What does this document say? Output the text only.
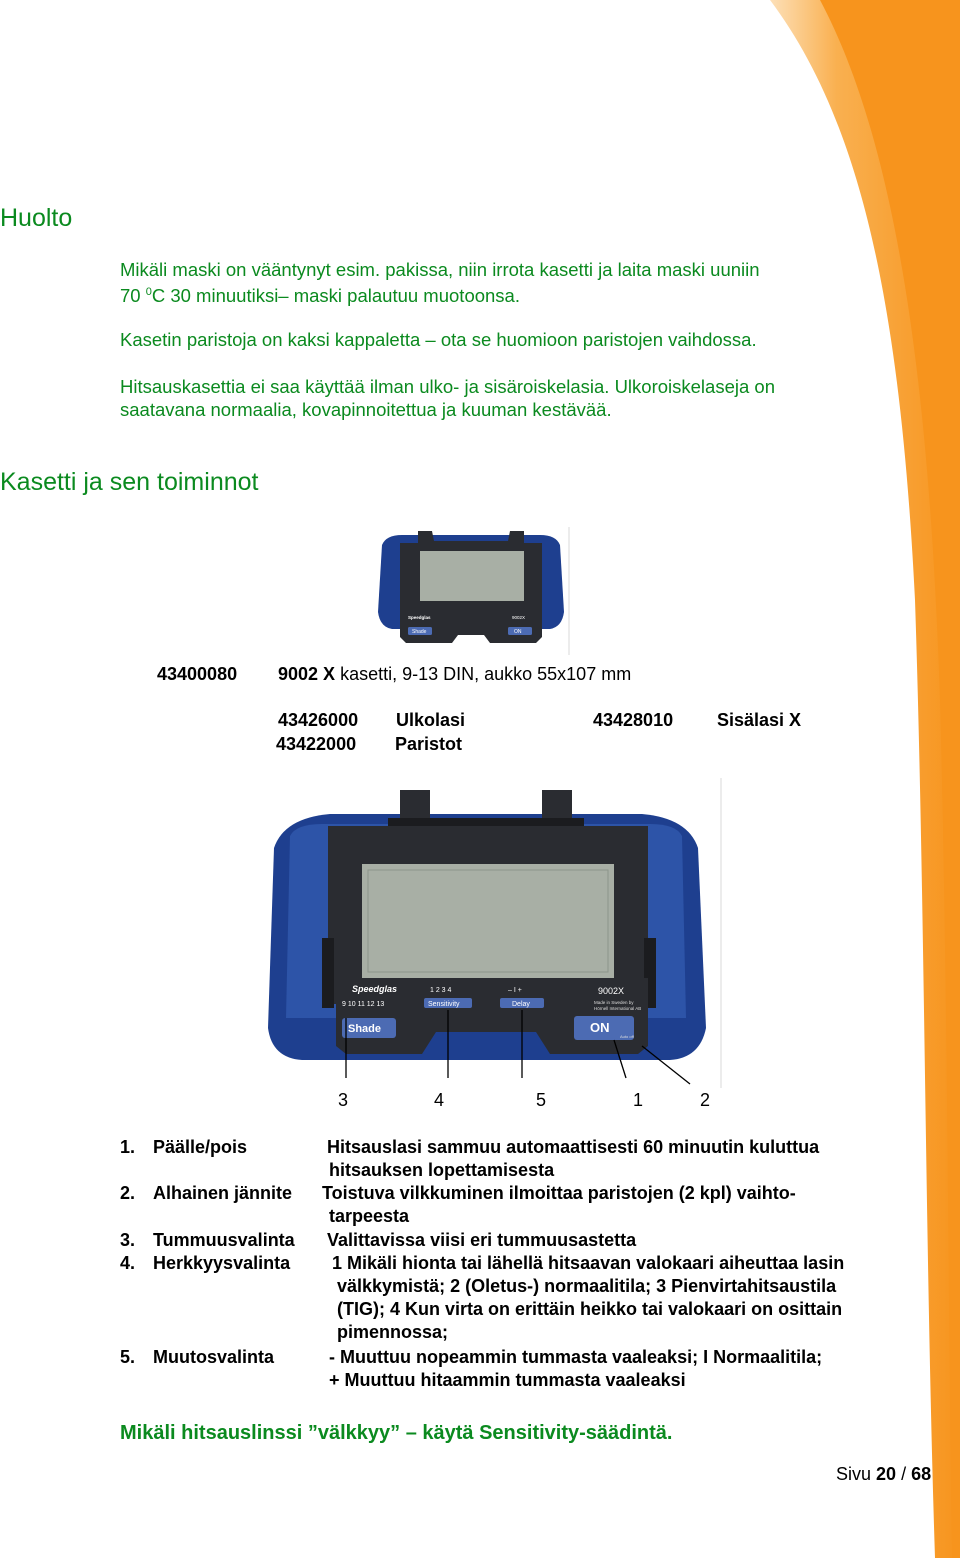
Huolto
Mikäli maski on vääntynyt esim. pakissa, niin irrota kasetti ja laita maski uuniin
70 $^0$C 30 minuutiksi– maski palautuu muotoonsa.
Kasetin paristoja on kaksi kappaletta – ota se huomioon paristojen vaihdossa.
Hitsauskasettia ei saa käyttää ilman ulko- ja sisäroiskelasia. Ulkoroiskelaseja on
saatavana normaalia, kovapinnoitettua ja kuuman kestävää.
Kasetti ja sen toiminnot
Speedglas	9002X
Shade	ON
43400080 9002 X kasetti, 9-13 DIN, aukko 55x107 mm
43426000 Ulkolasi	43428010 Sisälasi X
43422000 Paristot
Speedglas
9 10 11 12 13
1 2 3 4
Sensitivity
– I +
Delay
9002X
Made in Sweden by
Hörnell International AB
Shade	ON
Auto off
3	4	5	1	2
1. Päälle/pois	Hitsauslasi sammuu automaattisesti 60 minuutin kuluttua
hitsauksen lopettamisesta
2. Alhainen jännite Toistuva vilkkuminen ilmoittaa paristojen (2 kpl) vaihto-
tarpeesta
3. Tummuusvalinta Valittavissa viisi eri tummuusastetta
4. Herkkyysvalinta 1 Mikäli hionta tai lähellä hitsaavan valokaari aiheuttaa lasin
välkkymistä; 2 (Oletus-) normaalitila; 3 Pienvirtahitsaustila
(TIG); 4 Kun virta on erittäin heikko tai valokaari on osittain
pimennossa;
5. Muutosvalinta	- Muuttuu nopeammin tummasta vaaleaksi; I Normaalitila;
+ Muuttuu hitaammin tummasta vaaleaksi
Mikäli hitsauslinssi ”välkkyy” – käytä Sensitivity-säädintä.
Sivu 20 / 68
